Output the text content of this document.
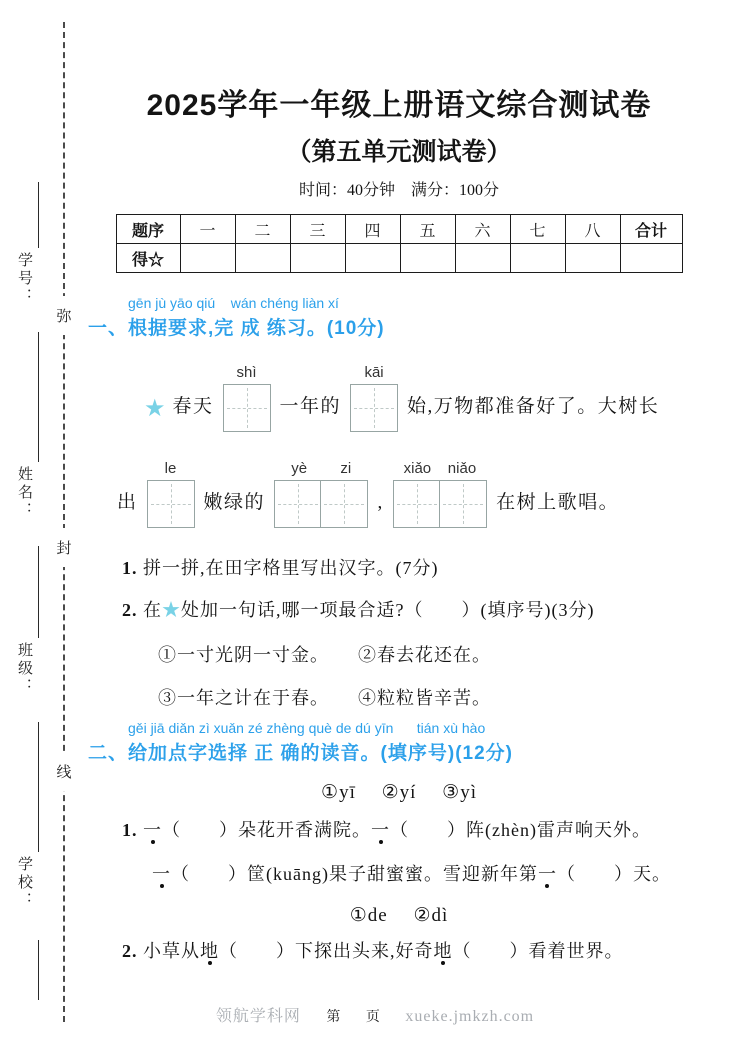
学号：
姓名：
班级：
学校：
弥
封
线
2025学年一年级上册语文综合测试卷
（第五单元测试卷）
时间：40分钟　满分：100分
题序	一	二	三	四	五	六	七	八	合计
得☆									
gēn jù yāo qiú    wán chéng liàn xí
一、根据要求,完 成 练习。(10分)
★ 春天
shì
一年的
kāi
始,万物都准备好了。大树长
出
le
嫩绿的
yè        zi
,
xiǎo    niǎo
在树上歌唱。
1. 拼一拼,在田字格里写出汉字。(7分)
2. 在★处加一句话,哪一项最合适?（　　）(填序号)(3分)
①一寸光阴一寸金。　　②春去花还在。
③一年之计在于春。　　④粒粒皆辛苦。
gěi jiā diǎn zì xuǎn zé zhèng què de dú yīn      tián xù hào
二、给加点字选择 正 确的读音。(填序号)(12分)
①yī　 ②yí　 ③yì
1. 一（　　）朵花开香满院。一（　　）阵(zhèn)雷声响天外。
一（　　）筐(kuāng)果子甜蜜蜜。雪迎新年第一（　　）天。
①de　 ②dì
2. 小草从地（　　）下探出头来,好奇地（　　）看着世界。
领航学科网 第 页 xueke.jmkzh.com
